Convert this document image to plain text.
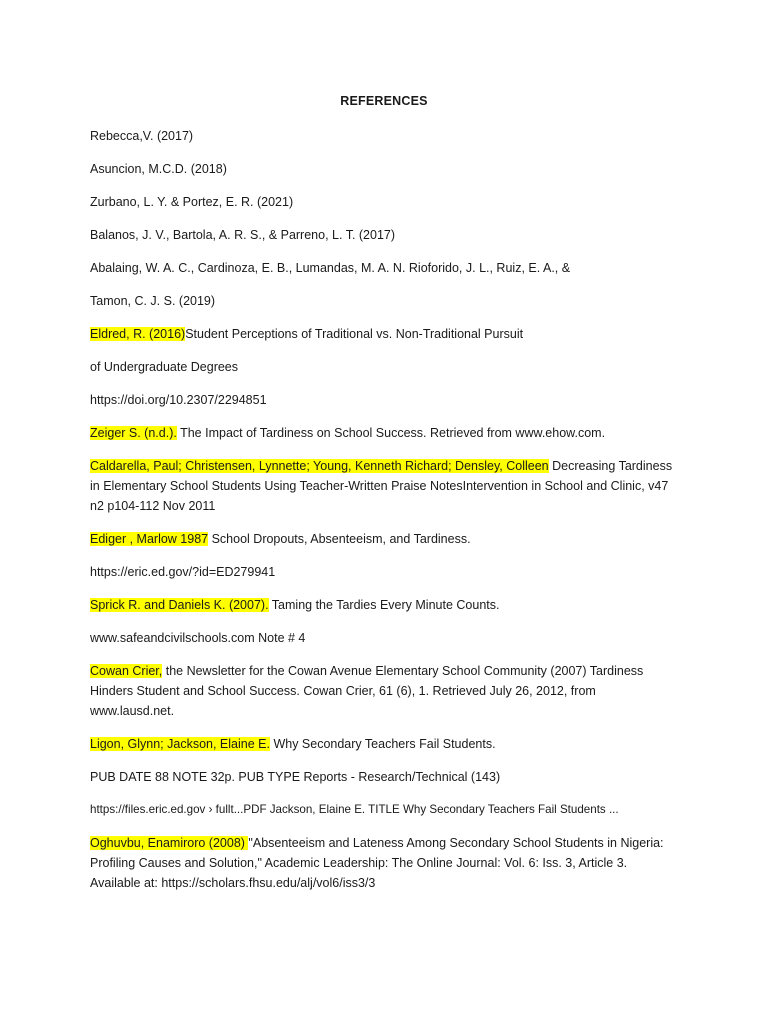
REFERENCES
Rebecca,V. (2017)
Asuncion, M.C.D. (2018)
Zurbano, L. Y. & Portez, E. R. (2021)
Balanos, J. V., Bartola, A. R. S., & Parreno, L. T. (2017)
Abalaing, W. A. C., Cardinoza, E. B., Lumandas, M. A. N. Rioforido, J. L., Ruiz, E. A., &
Tamon, C. J. S. (2019)
Eldred, R. (2016)Student Perceptions of Traditional vs. Non-Traditional Pursuit
of Undergraduate Degrees
https://doi.org/10.2307/2294851
Zeiger S. (n.d.). The Impact of Tardiness on School Success. Retrieved from www.ehow.com.
Caldarella, Paul; Christensen, Lynnette; Young, Kenneth Richard; Densley, Colleen Decreasing Tardiness in Elementary School Students Using Teacher-Written Praise NotesIntervention in School and Clinic, v47 n2 p104-112 Nov 2011
Ediger , Marlow 1987 School Dropouts, Absenteeism, and Tardiness.
https://eric.ed.gov/?id=ED279941
Sprick R. and Daniels K. (2007). Taming the Tardies Every Minute Counts.
www.safeandcivilschools.com Note # 4
Cowan Crier, the Newsletter for the Cowan Avenue Elementary School Community (2007) Tardiness Hinders Student and School Success. Cowan Crier, 61 (6), 1. Retrieved July 26, 2012, from www.lausd.net.
Ligon, Glynn; Jackson, Elaine E. Why Secondary Teachers Fail Students.
PUB DATE 88 NOTE 32p. PUB TYPE Reports - Research/Technical (143)
https://files.eric.ed.gov › fullt...PDF Jackson, Elaine E. TITLE Why Secondary Teachers Fail Students ...
Oghuvbu, Enamiroro (2008) "Absenteeism and Lateness Among Secondary School Students in Nigeria: Profiling Causes and Solution," Academic Leadership: The Online Journal: Vol. 6: Iss. 3, Article 3. Available at: https://scholars.fhsu.edu/alj/vol6/iss3/3
